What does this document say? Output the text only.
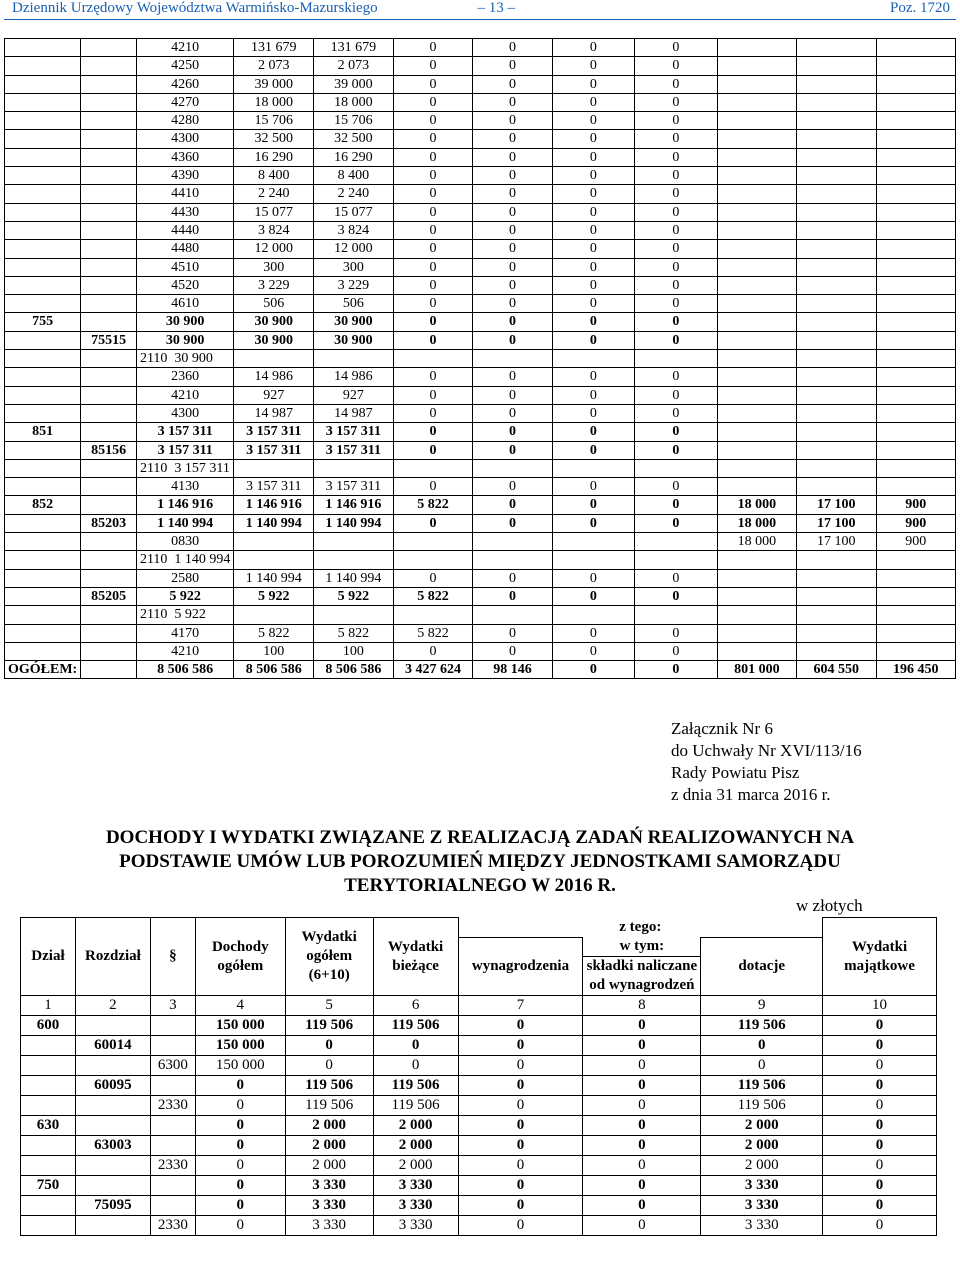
Dziennik Urzędowy Województwa Warmińsko-Mazurskiego	– 13 –	Poz. 1720
		4210	131 679	131 679	0	0	0	0			
		4250	2 073	2 073	0	0	0	0			
		4260	39 000	39 000	0	0	0	0			
		4270	18 000	18 000	0	0	0	0			
		4280	15 706	15 706	0	0	0	0			
		4300	32 500	32 500	0	0	0	0			
		4360	16 290	16 290	0	0	0	0			
		4390	8 400	8 400	0	0	0	0			
		4410	2 240	2 240	0	0	0	0			
		4430	15 077	15 077	0	0	0	0			
		4440	3 824	3 824	0	0	0	0			
		4480	12 000	12 000	0	0	0	0			
		4510	300	300	0	0	0	0			
		4520	3 229	3 229	0	0	0	0			
		4610	506	506	0	0	0	0			
755		30 900	30 900	30 900	0	0	0	0			
	75515	30 900	30 900	30 900	0	0	0	0			
		2110  30 900									
		2360	14 986	14 986	0	0	0	0			
		4210	927	927	0	0	0	0			
		4300	14 987	14 987	0	0	0	0			
851		3 157 311	3 157 311	3 157 311	0	0	0	0			
	85156	3 157 311	3 157 311	3 157 311	0	0	0	0			
		2110  3 157 311									
		4130	3 157 311	3 157 311	0	0	0	0			
852		1 146 916	1 146 916	1 146 916	5 822	0	0	0	18 000	17 100	900
	85203	1 140 994	1 140 994	1 140 994	0	0	0	0	18 000	17 100	900
		0830							18 000	17 100	900
		2110  1 140 994									
		2580	1 140 994	1 140 994	0	0	0	0			
	85205	5 922	5 922	5 922	5 822	0	0	0			
		2110  5 922									
		4170	5 822	5 822	5 822	0	0	0			
		4210	100	100	0	0	0	0			
OGÓŁEM:		8 506 586	8 506 586	8 506 586	3 427 624	98 146	0	0	801 000	604 550	196 450
Załącznik Nr 6
do Uchwały Nr XVI/113/16
Rady Powiatu Pisz
z dnia 31 marca 2016 r.
DOCHODY I WYDATKI ZWIĄZANE Z REALIZACJĄ ZADAŃ REALIZOWANYCH NA
PODSTAWIE UMÓW LUB POROZUMIEŃ MIĘDZY JEDNOSTKAMI SAMORZĄDU
TERYTORIALNEGO W 2016 R.
w złotych
Dział	Rozdział	§	Dochody ogółem	Wydatki ogółem (6+10)	Wydatki bieżące	z tego:			Wydatki majątkowe
						wynagrodzenia	w tym:	dotacje	
							składki naliczane od wynagrodzeń		

1	2	3	4	5	6	7	8	9	10
600			150 000	119 506	119 506	0	0	119 506	0
	60014		150 000	0	0	0	0	0	0
		6300	150 000	0	0	0	0	0	0
	60095		0	119 506	119 506	0	0	119 506	0
		2330	0	119 506	119 506	0	0	119 506	0
630			0	2 000	2 000	0	0	2 000	0
	63003		0	2 000	2 000	0	0	2 000	0
		2330	0	2 000	2 000	0	0	2 000	0
750			0	3 330	3 330	0	0	3 330	0
	75095		0	3 330	3 330	0	0	3 330	0
		2330	0	3 330	3 330	0	0	3 330	0
